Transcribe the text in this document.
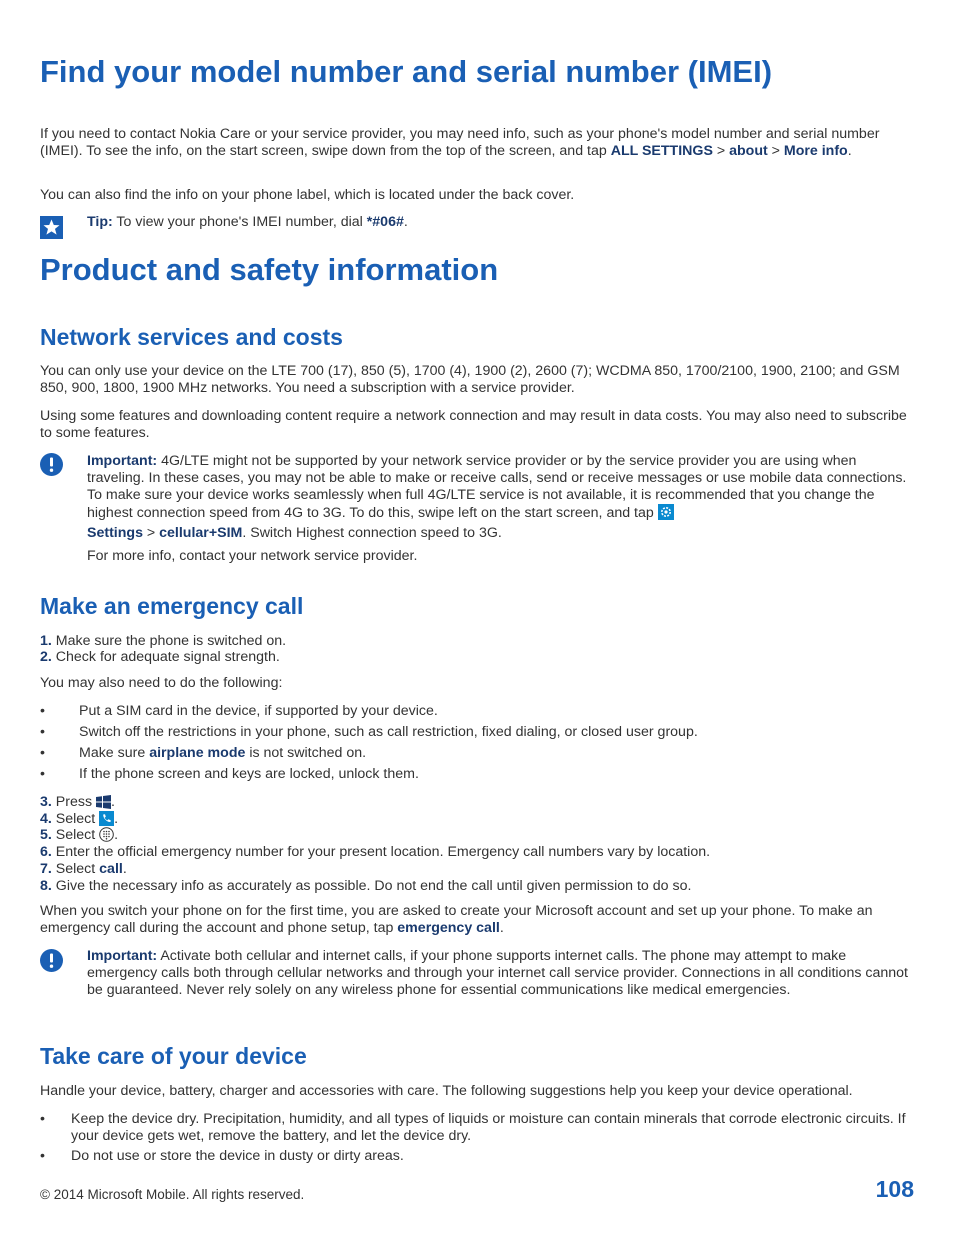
Find your model number and serial number (IMEI)

If you need to contact Nokia Care or your service provider, you may need info, such as your phone's model number and serial number (IMEI). To see the info, on the start screen, swipe down from the top of the screen, and tap ALL SETTINGS > about > More info.

You can also find the info on your phone label, which is located under the back cover.

Tip: To view your phone's IMEI number, dial *#06#.

Product and safety information
Network services and costs

You can only use your device on the LTE 700 (17), 850 (5), 1700 (4), 1900 (2), 2600 (7); WCDMA 850, 1700/2100, 1900, 2100; and GSM 850, 900, 1800, 1900 MHz networks. You need a subscription with a service provider.

Using some features and downloading content require a network connection and may result in data costs. You may also need to subscribe to some features.

Important: 4G/LTE might not be supported by your network service provider or by the service provider you are using when traveling. In these cases, you may not be able to make or receive calls, send or receive messages or use mobile data connections. To make sure your device works seamlessly when full 4G/LTE service is not available, it is recommended that you change the highest connection speed from 4G to 3G. To do this, swipe left on the start screen, and tap
Settings > cellular+SIM. Switch Highest connection speed to 3G.

For more info, contact your network service provider.

Make an emergency call

1. Make sure the phone is switched on.

2. Check for adequate signal strength.

You may also need to do the following:

• Put a SIM card in the device, if supported by your device.
• Switch off the restrictions in your phone, such as call restriction, fixed dialing, or closed user group.
• Make sure airplane mode is not switched on.
• If the phone screen and keys are locked, unlock them.

3. Press .

4. Select .

5. Select .

6. Enter the official emergency number for your present location. Emergency call numbers vary by location.

7. Select call.

8. Give the necessary info as accurately as possible. Do not end the call until given permission to do so.

When you switch your phone on for the first time, you are asked to create your Microsoft account and set up your phone. To make an emergency call during the account and phone setup, tap emergency call.

Important: Activate both cellular and internet calls, if your phone supports internet calls. The phone may attempt to make emergency calls both through cellular networks and through your internet call service provider. Connections in all conditions cannot be guaranteed. Never rely solely on any wireless phone for essential communications like medical emergencies.

Take care of your device

Handle your device, battery, charger and accessories with care. The following suggestions help you keep your device operational.

• Keep the device dry. Precipitation, humidity, and all types of liquids or moisture can contain minerals that corrode electronic circuits. If your device gets wet, remove the battery, and let the device dry.
• Do not use or store the device in dusty or dirty areas.
© 2014 Microsoft Mobile. All rights reserved.	108
